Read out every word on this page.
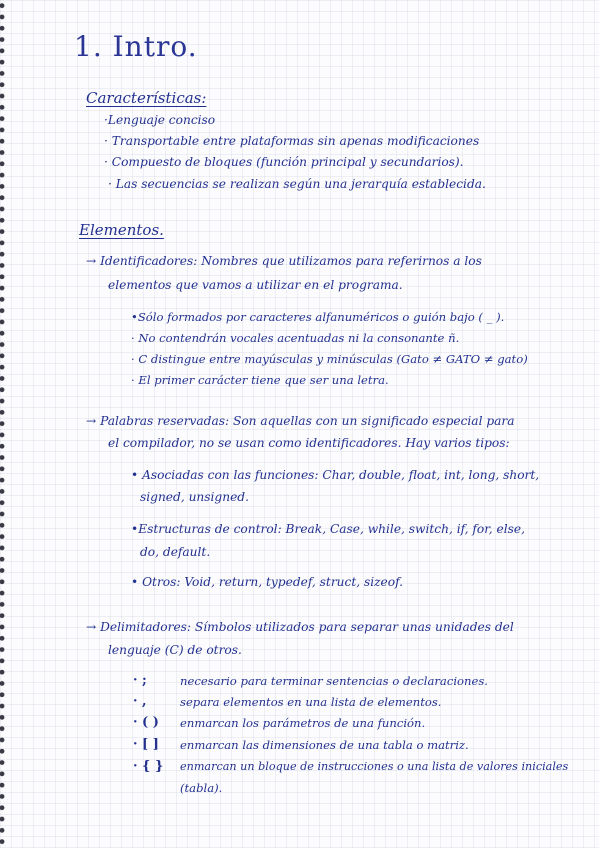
1. Intro.
Características:
·Lenguaje conciso
· Transportable entre plataformas sin apenas modificaciones
· Compuesto de bloques (función principal y secundarios).
· Las secuencias se realizan según una jerarquía establecida.
Elementos.
→ Identificadores: Nombres que utilizamos para referirnos a los
elementos que vamos a utilizar en el programa.
•Sólo formados por caracteres alfanuméricos o guión bajo ( _ ).
· No contendrán vocales acentuadas ni la consonante ñ.
· C distingue entre mayúsculas y minúsculas (Gato ≠ GATO ≠ gato)
· El primer carácter tiene que ser una letra.
→ Palabras reservadas: Son aquellas con un significado especial para
el compilador, no se usan como identificadores. Hay varios tipos:
• Asociadas con las funciones: Char, double, float, int, long, short,
signed, unsigned.
•Estructuras de control: Break, Case, while, switch, if, for, else,
do, default.
• Otros: Void, return, typedef, struct, sizeof.
→ Delimitadores: Símbolos utilizados para separar unas unidades del
lenguaje (C) de otros.
· ;	necesario para terminar sentencias o declaraciones.
· ,	separa elementos en una lista de elementos.
· ( ) enmarcan los parámetros de una función.
· [ ] enmarcan las dimensiones de una tabla o matriz.
· { } enmarcan un bloque de instrucciones o una lista de valores iniciales
(tabla).
